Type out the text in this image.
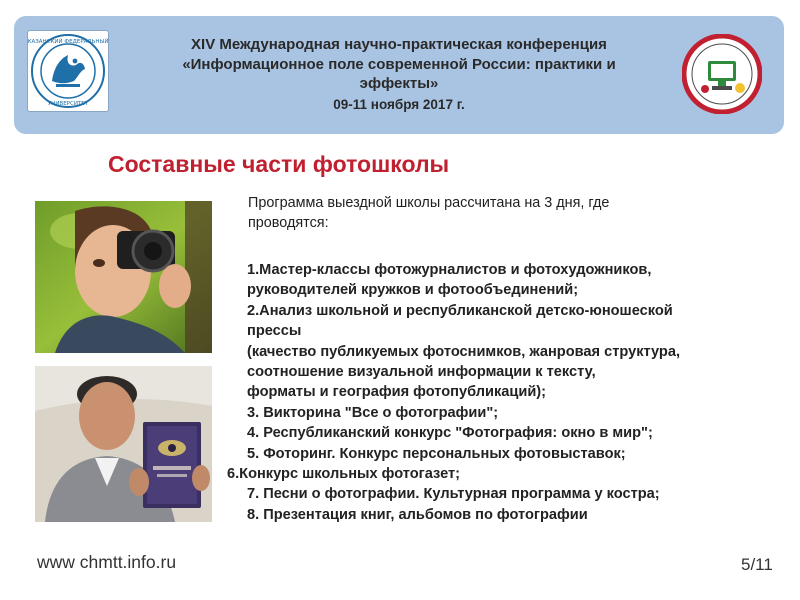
КАЗАНСКИЙ ФЕДЕРАЛЬНЫЙ
УНИВЕРСИТЕТ
XIV Международная научно-практическая конференция
«Информационное поле современной России: практики и
эффекты»
09-11 ноября 2017 г.
Составные части фотошколы
Программа выездной школы рассчитана на 3 дня, где
проводятся:
1.Мастер-классы фотожурналистов и фотохудожников,
руководителей кружков и фотообъединений;
2.Анализ школьной и республиканской детско-юношеской
прессы
(качество публикуемых фотоснимков, жанровая структура,
соотношение визуальной информации к тексту,
форматы и география фотопубликаций);
3. Викторина "Все о фотографии";
4. Республиканский конкурс "Фотография: окно в мир";
5. Фоторинг. Конкурс персональных фотовыставок;
6.Конкурс школьных фотогазет;
7. Песни о фотографии. Культурная программа у костра;
8. Презентация книг, альбомов по фотографии
www chmtt.info.ru	5/11
